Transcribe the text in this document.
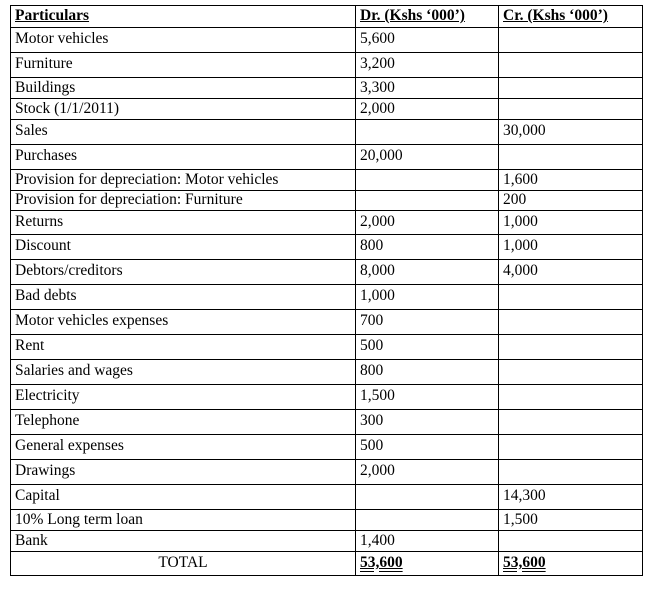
Particulars	Dr. (Kshs ‘000’)	Cr. (Kshs ‘000’)
Motor vehicles	5,600	
Furniture	3,200	
Buildings	3,300	
Stock (1/1/2011)	2,000	
Sales		30,000
Purchases	20,000	
Provision for depreciation: Motor vehicles		1,600
Provision for depreciation: Furniture		200
Returns	2,000	1,000
Discount	800	1,000
Debtors/creditors	8,000	4,000
Bad debts	1,000	
Motor vehicles expenses	700	
Rent	500	
Salaries and wages	800	
Electricity	1,500	
Telephone	300	
General expenses	500	
Drawings	2,000	
Capital		14,300
10% Long term loan		1,500
Bank	1,400	
TOTAL	53,600	53,600
